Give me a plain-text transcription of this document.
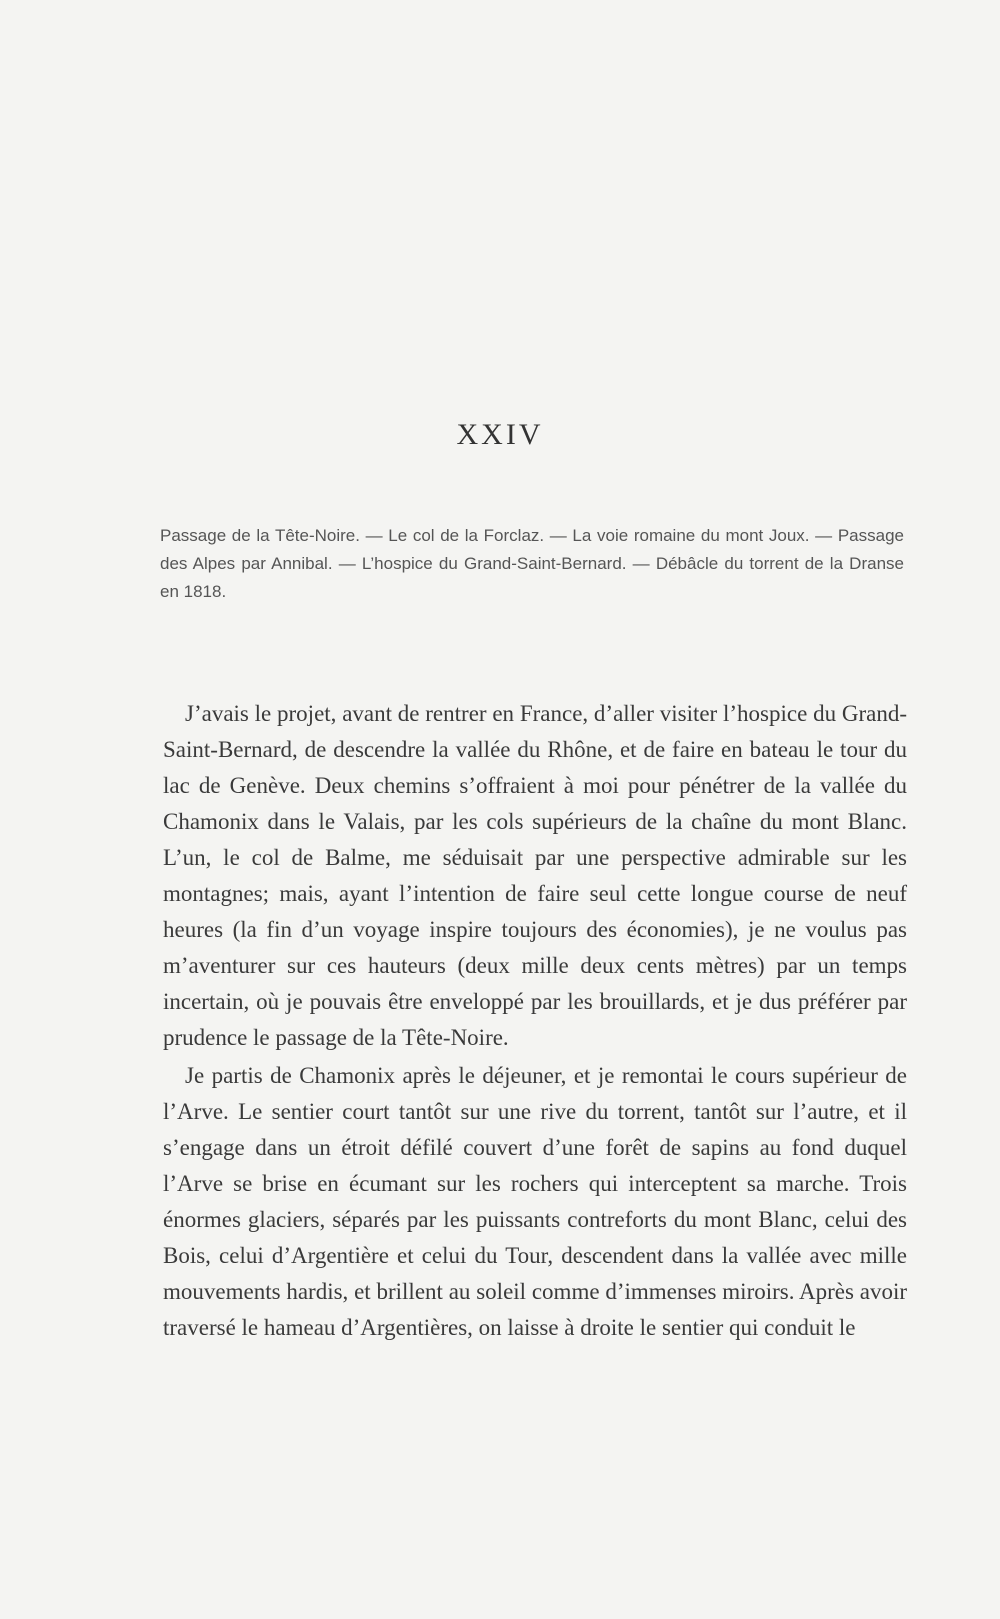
XXIV
Passage de la Tête-Noire. — Le col de la Forclaz. — La voie romaine du mont Joux. — Passage des Alpes par Annibal. — L’hospice du Grand-Saint-Bernard. — Débâcle du torrent de la Dranse en 1818.

J’avais le projet, avant de rentrer en France, d’aller visiter l’hospice du Grand-Saint-Bernard, de descendre la vallée du Rhône, et de faire en bateau le tour du lac de Genève. Deux chemins s’offraient à moi pour pénétrer de la vallée du Chamonix dans le Valais, par les cols supérieurs de la chaîne du mont Blanc. L’un, le col de Balme, me séduisait par une perspective admirable sur les montagnes; mais, ayant l’intention de faire seul cette longue course de neuf heures (la fin d’un voyage inspire toujours des économies), je ne voulus pas m’aventurer sur ces hauteurs (deux mille deux cents mètres) par un temps incertain, où je pouvais être enveloppé par les brouillards, et je dus préférer par prudence le passage de la Tête-Noire.

Je partis de Chamonix après le déjeuner, et je remontai le cours supérieur de l’Arve. Le sentier court tantôt sur une rive du torrent, tantôt sur l’autre, et il s’engage dans un étroit défilé couvert d’une forêt de sapins au fond duquel l’Arve se brise en écumant sur les rochers qui interceptent sa marche. Trois énormes glaciers, séparés par les puissants contreforts du mont Blanc, celui des Bois, celui d’Argentière et celui du Tour, descendent dans la vallée avec mille mouvements hardis, et brillent au soleil comme d’immenses miroirs. Après avoir traversé le hameau d’Argentières, on laisse à droite le sentier qui conduit le
